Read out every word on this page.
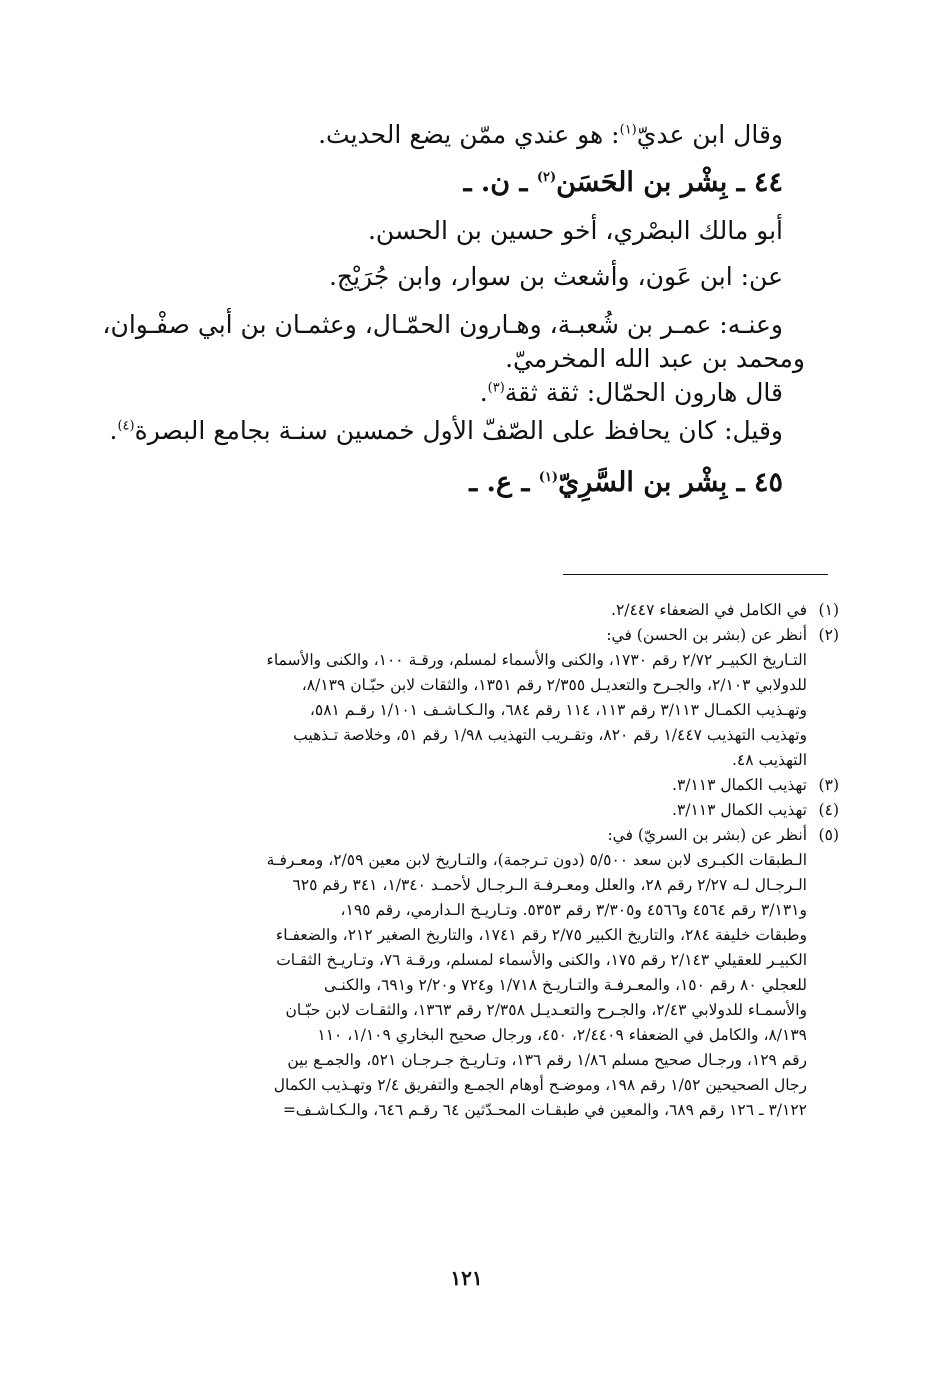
وقال ابن عديّ$^{(١)}$: هو عندي ممّن يضع الحديث.

٤٤ ـ بِشْر بن الحَسَن$^{(٢)}$ ـ ن. ـ

أبو مالك البصْري، أخو حسين بن الحسن.

عن: ابن عَون، وأشعث بن سوار، وابن جُرَيْج.

وعنـه: عمـر بن شُعبـة، وهـارون الحمّـال، وعثمـان بن أبي صفْـوان،

ومحمد بن عبد الله المخرميّ.

قال هارون الحمّال: ثقة ثقة$^{(٣)}$.

وقيل: كان يحافظ على الصّفّ الأول خمسين سنـة بجامع البصرة$^{(٤)}$.

٤٥ ـ بِشْر بن السَّرِيّ$^{(١)}$ ـ ع. ـ

(١)في الكامل في الضعفاء ٢/٤٤٧.

(٢)أنظر عن (بشر بن الحسن) في:

التـاريخ الكبيـر ٢/٧٢ رقم ١٧٣٠، والكنى والأسماء لمسلم، ورقـة ١٠٠، والكنى والأسماء

للدولابي ٢/١٠٣، والجـرح والتعديـل ٢/٣٥٥ رقم ١٣٥١، والثقات لابن حبّـان ٨/١٣٩،

وتهـذيب الكمـال ٣/١١٣ رقم ١١٣، ١١٤ رقم ٦٨٤، والـكـاشـف ١/١٠١ رقـم ٥٨١،

وتهذيب التهذيب ١/٤٤٧ رقم ٨٢٠، وتقـريب التهذيب ١/٩٨ رقم ٥١، وخلاصة تـذهيب

التهذيب ٤٨.

(٣)تهذيب الكمال ٣/١١٣.

(٤)تهذيب الكمال ٣/١١٣.

(٥)أنظر عن (بشر بن السريّ) في:

الـطبقات الكبـرى لابن سعد ٥/٥٠٠ (دون تـرجمة)، والتـاريخ لابن معين ٢/٥٩، ومعـرفـة

الـرجـال لـه ٢/٢٧ رقم ٢٨، والعلل ومعـرفـة الـرجـال لأحمـد ١/٣٤٠، ٣٤١ رقم ٦٢٥

و٣/١٣١ رقم ٤٥٦٤ و٤٥٦٦ و٣/٣٠٥ رقم ٥٣٥٣. وتـاريـخ الـدارمي، رقم ١٩٥،

وطبقات خليفة ٢٨٤، والتاريخ الكبير ٢/٧٥ رقم ١٧٤١، والتاريخ الصغير ٢١٢، والضعفـاء

الكبيـر للعقيلي ٢/١٤٣ رقم ١٧٥، والكنى والأسماء لمسلم، ورقـة ٧٦، وتـاريـخ الثقـات

للعجلي ٨٠ رقم ١٥٠، والمعـرفـة والتـاريـخ ١/٧١٨ و٧٢٤ و٢/٢٠ و٦٩١، والكنـى

والأسمـاء للدولابي ٢/٤٣، والجـرح والتعـديـل ٢/٣٥٨ رقم ١٣٦٣، والثقـات لابن حبّـان

٨/١٣٩، والكامل في الضعفاء ٢/٤٤٠٩، ٤٥٠، ورجال صحيح البخاري ١/١٠٩، ١١٠

رقم ١٢٩، ورجـال صحيح مسلم ١/٨٦ رقم ١٣٦، وتـاريـخ جـرجـان ٥٢١، والجمـع بين

رجال الصحيحين ١/٥٢ رقم ١٩٨، وموضـح أوهام الجمـع والتفريق ٢/٤ وتهـذيب الكمال

٣/١٢٢ ـ ١٢٦ رقم ٦٨٩، والمعين في طبقـات المحـدّثين ٦٤ رقـم ٦٤٦، والـكـاشـف=

١٢١
